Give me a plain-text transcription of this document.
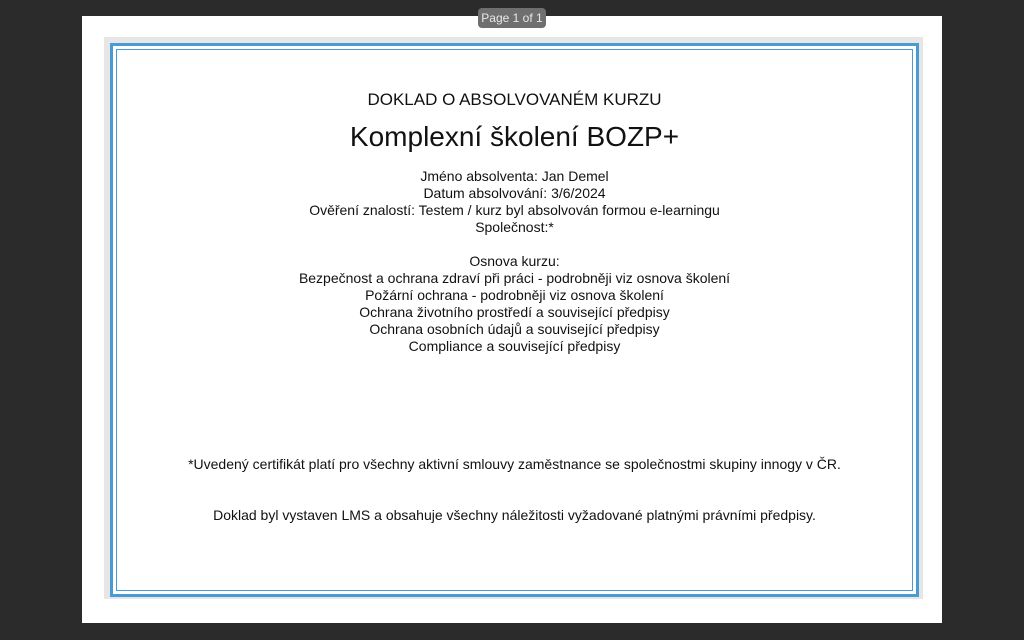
DOKLAD O ABSOLVOVANÉM KURZU
Komplexní školení BOZP+
Jméno absolventa: Jan Demel
Datum absolvování: 3/6/2024
Ověření znalostí: Testem / kurz byl absolvován formou e-learningu
Společnost:*
Osnova kurzu:
Bezpečnost a ochrana zdraví při práci - podrobněji viz osnova školení
Požární ochrana - podrobněji viz osnova školení
Ochrana životního prostředí a související předpisy
Ochrana osobních údajů a související předpisy
Compliance a související předpisy
*Uvedený certifikát platí pro všechny aktivní smlouvy zaměstnance se společnostmi skupiny innogy v ČR.
Doklad byl vystaven LMS a obsahuje všechny náležitosti vyžadované platnými právními předpisy.
Page 1 of 1
